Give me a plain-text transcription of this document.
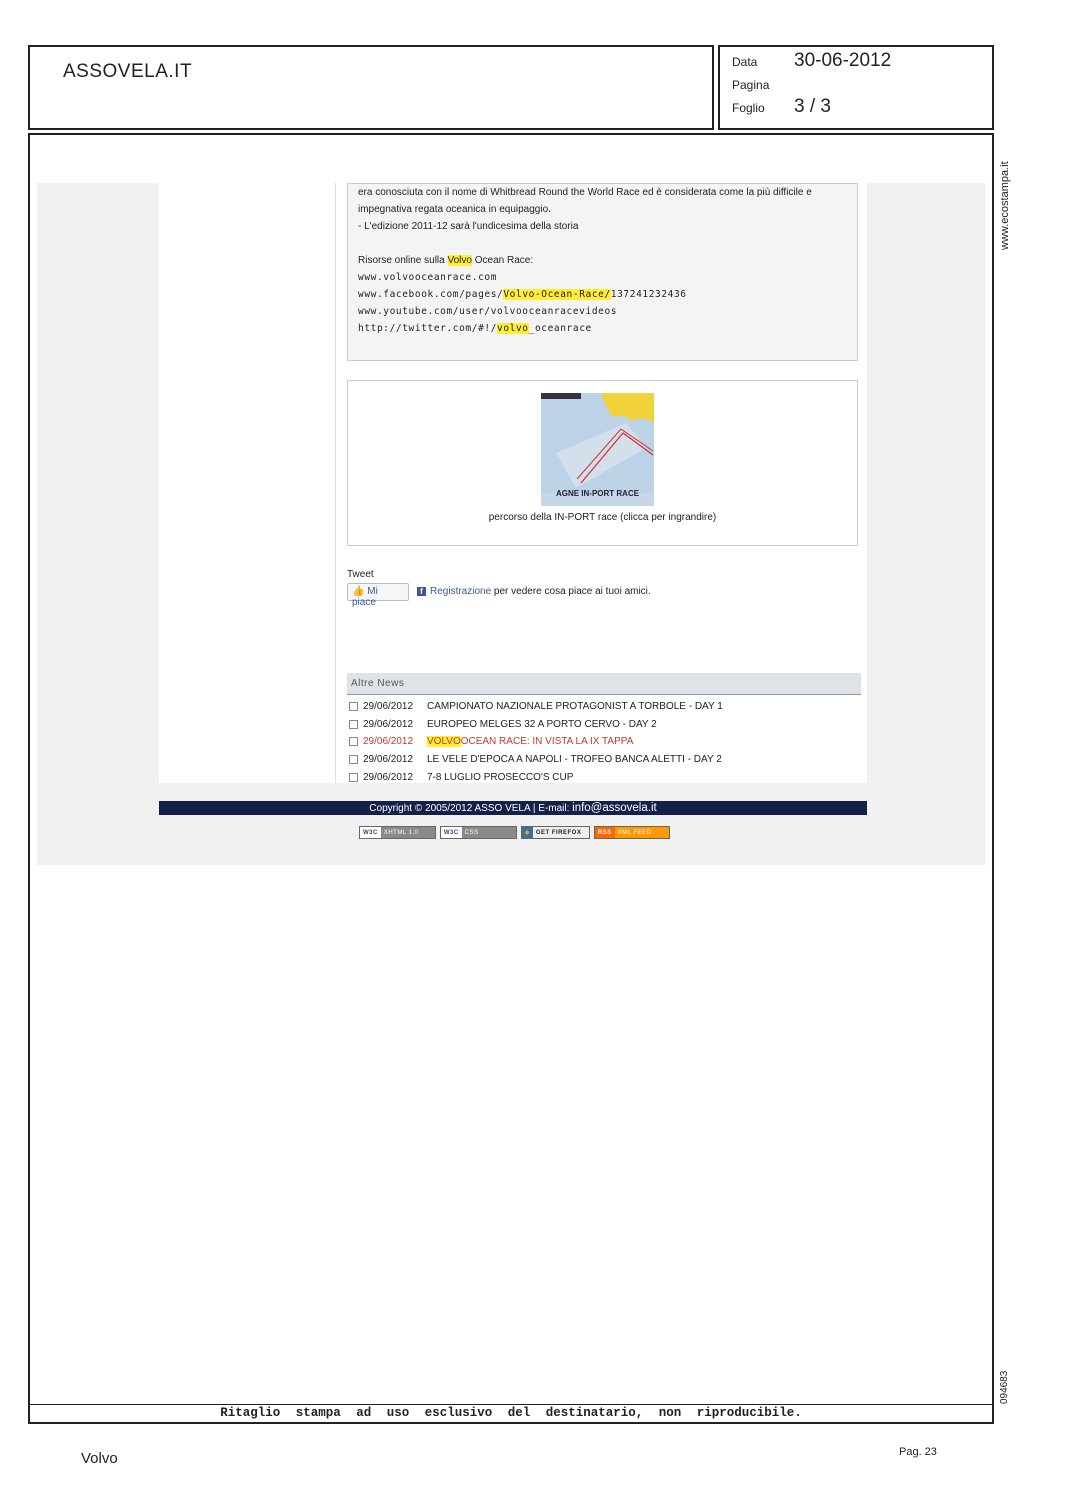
ASSOVELA.IT	Data 30-06-2012
Pagina
Foglio 3 / 3
www.ecostampa.it
094683
era conosciuta con il nome di Whitbread Round the World Race ed è considerata come la più difficile e
impegnativa regata oceanica in equipaggio.
- L'edizione 2011-12 sarà l'undicesima della storia
Risorse online sulla Volvo Ocean Race:
www.volvooceanrace.com
www.facebook.com/pages/Volvo-Ocean-Race/137241232436
www.youtube.com/user/volvooceanracevideos
http://twitter.com/#!/volvo_oceanrace
AGNE IN-PORT RACE
percorso della IN-PORT race (clicca per ingrandire)
Tweet
👍 Mi piace
f Registrazione per vedere cosa piace ai tuoi amici.
Altre News
29/06/2012	CAMPIONATO NAZIONALE PROTAGONIST A TORBOLE - DAY 1
29/06/2012	EUROPEO MELGES 32 A PORTO CERVO - DAY 2
29/06/2012	VOLVO OCEAN RACE: IN VISTA LA IX TAPPA
29/06/2012	LE VELE D'EPOCA A NAPOLI - TROFEO BANCA ALETTI - DAY 2
29/06/2012	7-8 LUGLIO PROSECCO'S CUP
Copyright © 2005/2012 ASSO VELA | E-mail: info@assovela.it
W3C	XHTML 1.0	W3C	CSS	◆	GET FIREFOX	RSS	XML FEED
Ritaglio stampa ad uso esclusivo del destinatario, non riproducibile.
Volvo	Pag. 23
